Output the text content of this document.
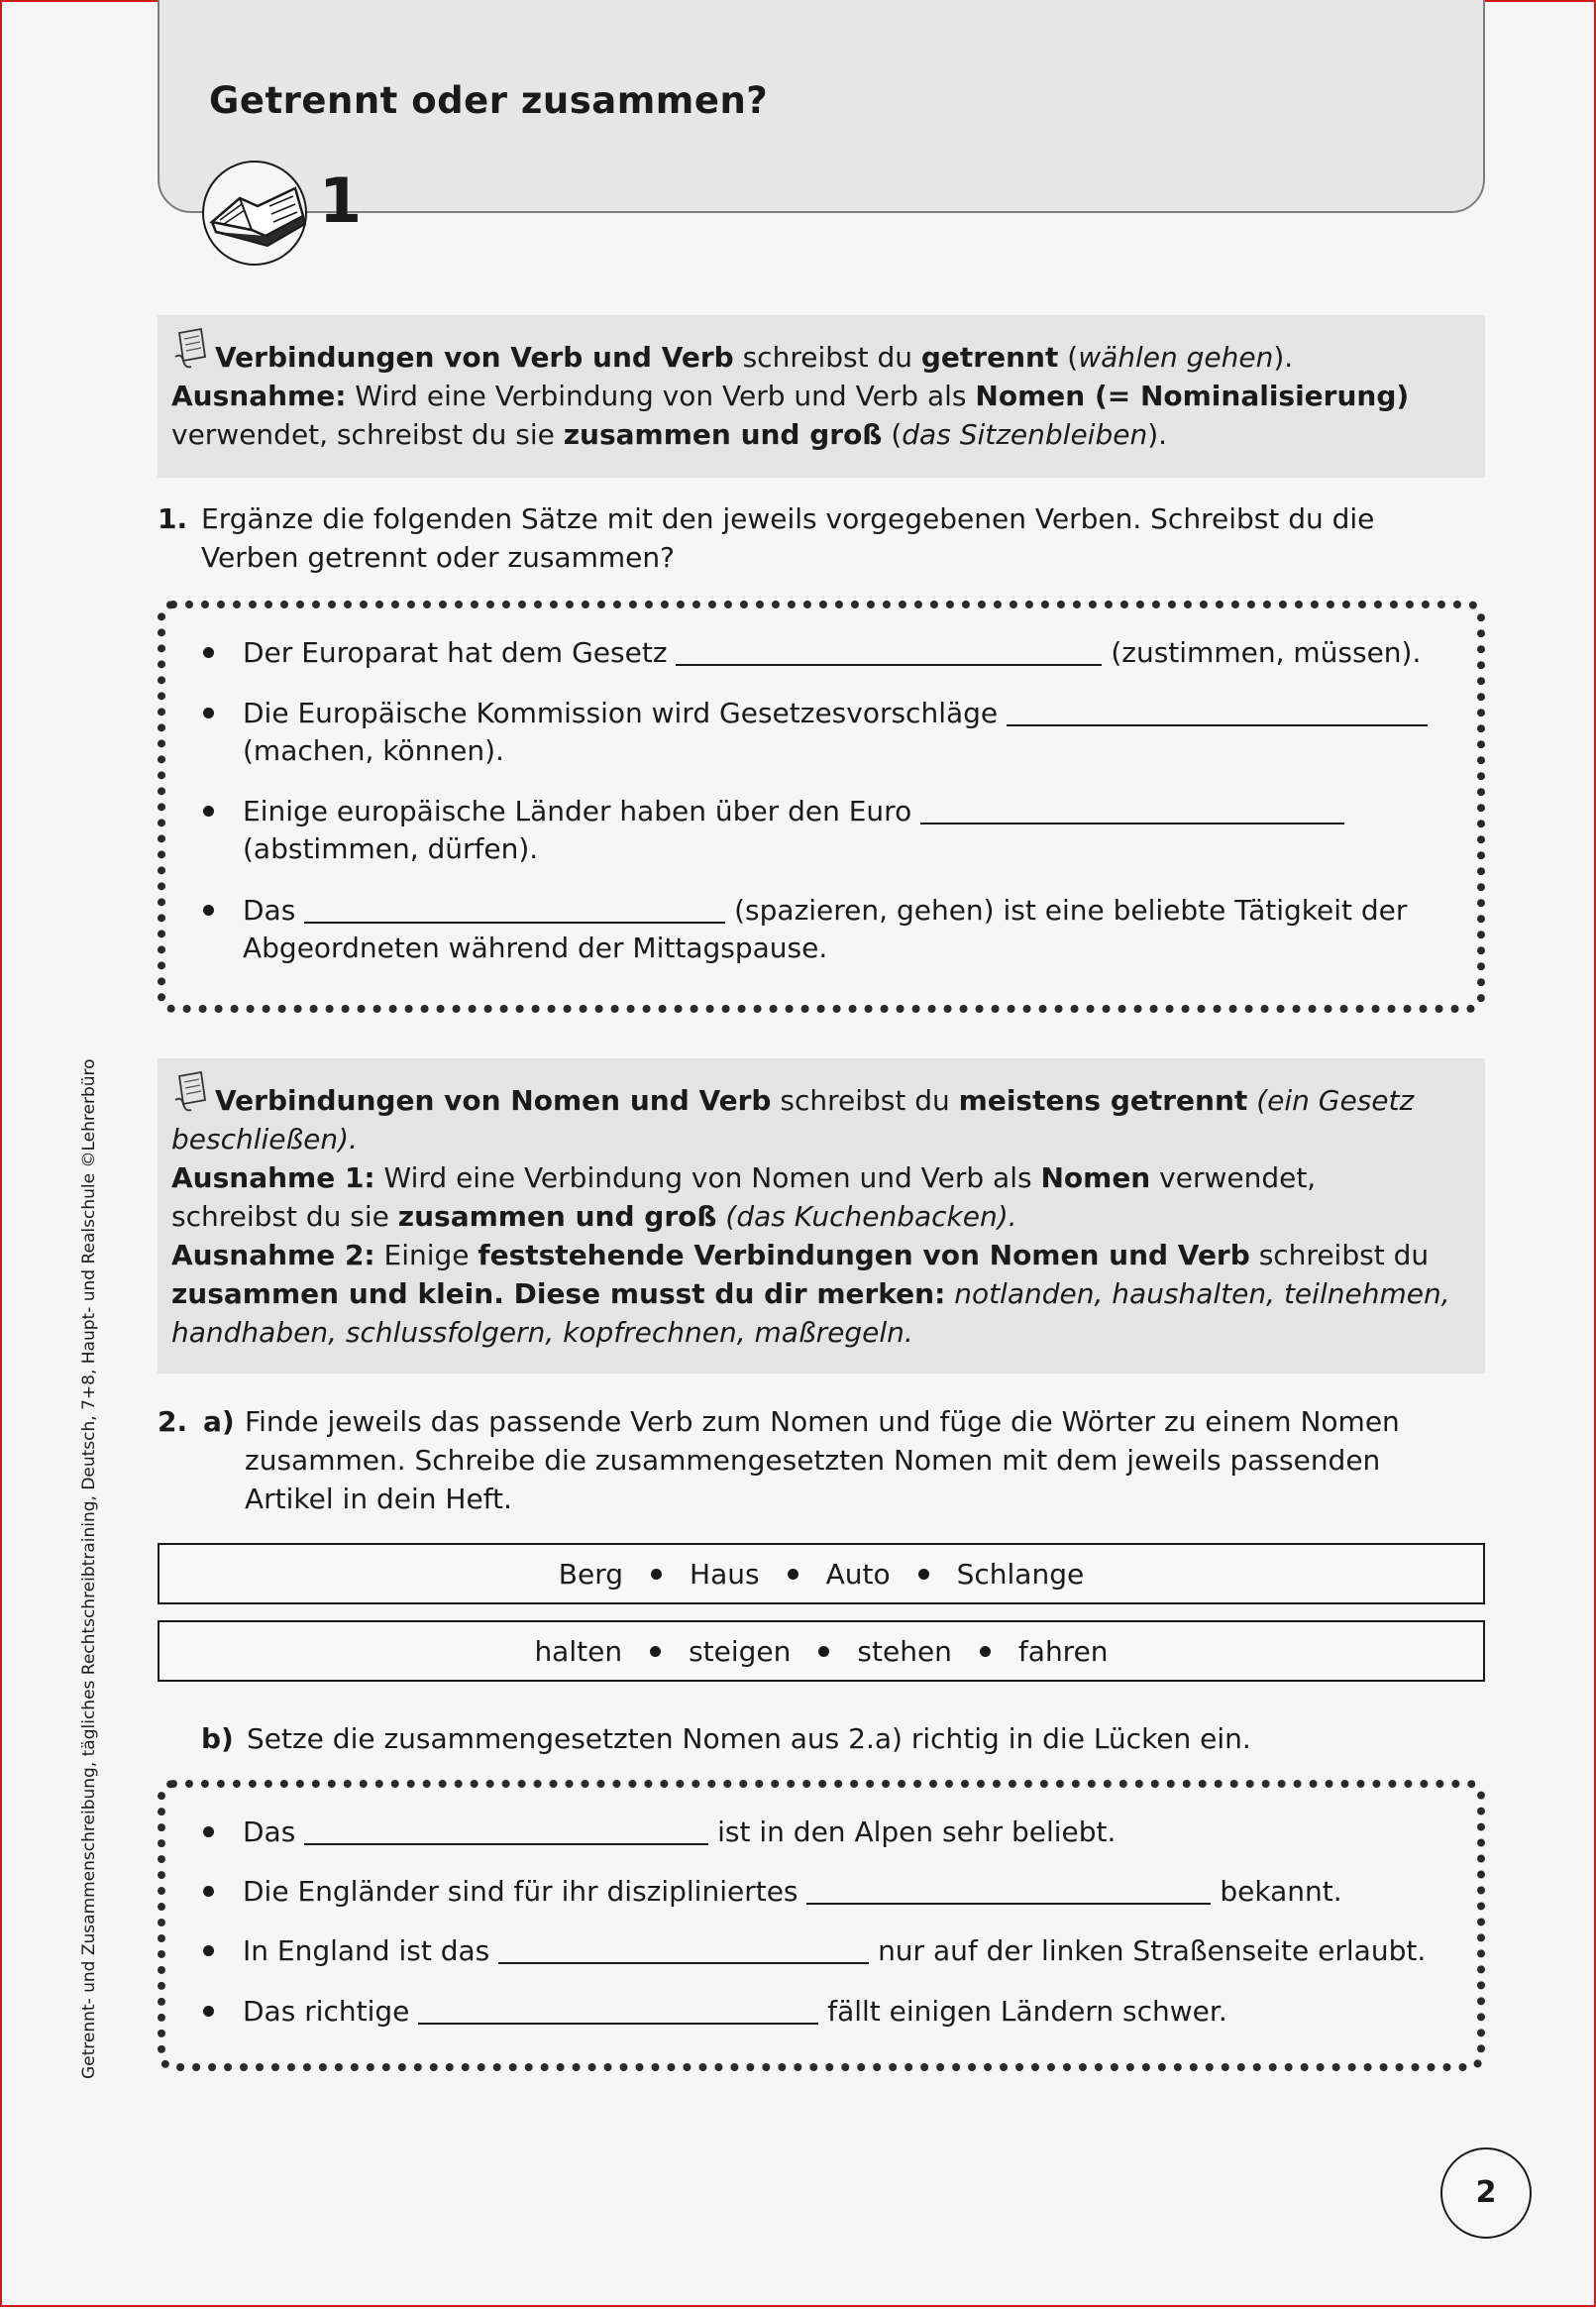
Getrennt oder zusammen?
1

Verbindungen von Verb und Verb schreibst du getrennt (wählen gehen).

Ausnahme: Wird eine Verbindung von Verb und Verb als Nomen (= Nominalisierung)

verwendet, schreibst du sie zusammen und groß (das Sitzenbleiben).

1. Ergänze die folgenden Sätze mit den jeweils vorgegebenen Verben. Schreibst du die
Verben getrennt oder zusammen?

Der Europarat hat dem Gesetz	(zustimmen, müssen).
Die Europäische Kommission wird Gesetzesvorschläge
(machen, können).
Einige europäische Länder haben über den Euro
(abstimmen, dürfen).
Das	(spazieren, gehen) ist eine beliebte Tätigkeit der
Abgeordneten während der Mittagspause.

Verbindungen von Nomen und Verb schreibst du meistens getrennt (ein Gesetz

beschließen).

Ausnahme 1: Wird eine Verbindung von Nomen und Verb als Nomen verwendet,

schreibst du sie zusammen und groß (das Kuchenbacken).

Ausnahme 2: Einige feststehende Verbindungen von Nomen und Verb schreibst du

zusammen und klein. Diese musst du dir merken: notlanden, haushalten, teilnehmen,

handhaben, schlussfolgern, kopfrechnen, maßregeln.

2. a) Finde jeweils das passende Verb zum Nomen und füge die Wörter zu einem Nomen
zusammen. Schreibe die zusammengesetzten Nomen mit dem jeweils passenden
Artikel in dein Heft.

Berg Haus Auto Schlange
halten steigen stehen fahren
b) Setze die zusammengesetzten Nomen aus 2.a) richtig in die Lücken ein.

Das	ist in den Alpen sehr beliebt.
Die Engländer sind für ihr diszipliniertes	bekannt.
In England ist das	nur auf der linken Straßenseite erlaubt.
Das richtige	fällt einigen Ländern schwer.
Getrennt- und Zusammenschreibung, tägliches Rechtschreibtraining, Deutsch, 7+8, Haupt- und Realschule ©Lehrerbüro
2
